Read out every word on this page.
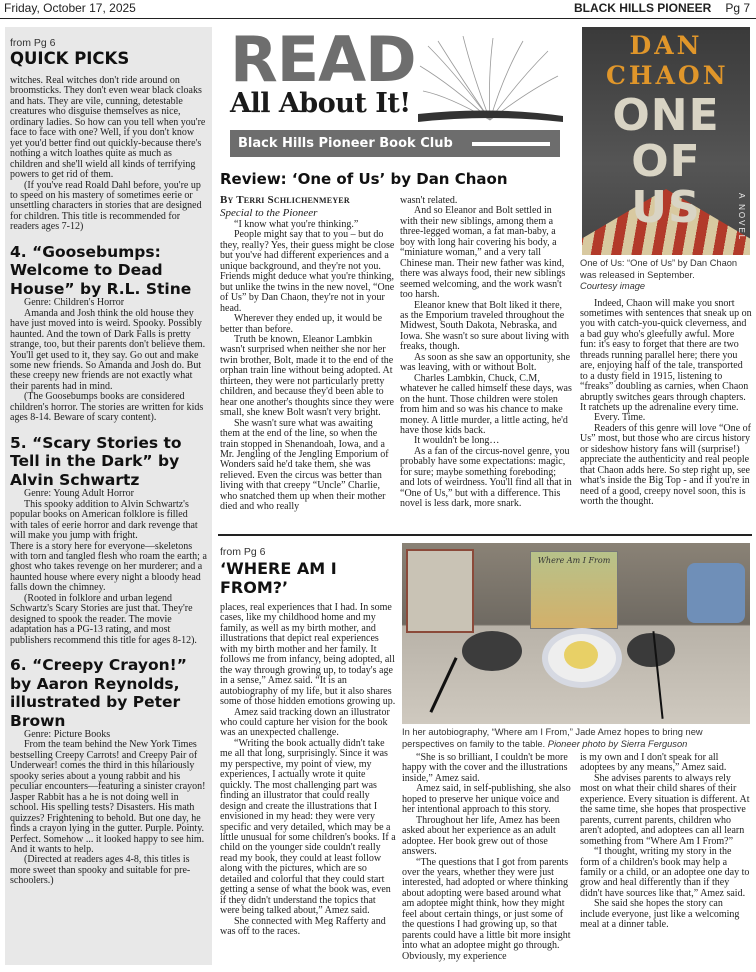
Friday, October 17, 2025	BLACK HILLS PIONEER Pg 7
from Pg 6
QUICK PICKS

witches. Real witches don't ride around on broomsticks. They don't even wear black cloaks and hats. They are vile, cunning, detestable creatures who disguise themselves as nice, ordinary ladies. So how can you tell when you're face to face with one? Well, if you don't know yet you'd better find out quickly-because there's nothing a witch loathes quite as much as children and she'll wield all kinds of terrifying powers to get rid of them.

(If you've read Roald Dahl before, you're up to speed on his mastery of sometimes eerie or unsettling characters in stories that are designed for children. This title is recommended for readers ages 7-12)

4. “Goosebumps: Welcome to Dead House” by R.L. Stine

Genre: Children's Horror

Amanda and Josh think the old house they have just moved into is weird. Spooky. Possibly haunted. And the town of Dark Falls is pretty strange, too, but their parents don't believe them. You'll get used to it, they say. Go out and make some new friends. So Amanda and Josh do. But these creepy new friends are not exactly what their parents had in mind.

(The Goosebumps books are considered children's horror. The stories are written for kids ages 8-14. Beware of scary content).

5. “Scary Stories to Tell in the Dark” by Alvin Schwartz

Genre: Young Adult Horror

This spooky addition to Alvin Schwartz's popular books on American folklore is filled with tales of eerie horror and dark revenge that will make you jump with fright.

There is a story here for everyone—skeletons with torn and tangled flesh who roam the earth; a ghost who takes revenge on her murderer; and a haunted house where every night a bloody head falls down the chimney.

(Rooted in folklore and urban legend Schwartz's Scary Stories are just that. They're designed to spook the reader. The movie adaptation has a PG-13 rating, and most publishers recommend this title for ages 8-12).

6. “Creepy Crayon!” by Aaron Reynolds, illustrated by Peter Brown

Genre: Picture Books

From the team behind the New York Times bestselling Creepy Carrots! and Creepy Pair of Underwear! comes the third in this hilariously spooky series about a young rabbit and his peculiar encounters—featuring a sinister crayon!

Jasper Rabbit has a he is not doing well in school. His spelling tests? Disasters. His math quizzes? Frightening to behold. But one day, he finds a crayon lying in the gutter. Purple. Pointy. Perfect. Somehow ... it looked happy to see him. And it wants to help.

(Directed at readers ages 4-8, this titles is more sweet than spooky and suitable for pre-schoolers.)

READ
All About It!
Black Hills Pioneer Book Club
DAN CHAON
ONE OF US	A NOVEL
Review: ‘One of Us’ by Dan Chaon
By Terri Schlichenmeyer
Special to the Pioneer

“I know what you're thinking.”

People might say that to you – but do they, really? Yes, their guess might be close but you've had different experiences and a unique background, and they're not you. Friends might deduce what you're thinking, but unlike the twins in the new novel, “One of Us” by Dan Chaon, they're not in your head.

Wherever they ended up, it would be better than before.

Truth be known, Eleanor Lambkin wasn't surprised when neither she nor her twin brother, Bolt, made it to the end of the orphan train line without being adopted. At thirteen, they were not particularly pretty children, and because they'd been able to hear one another's thoughts since they were small, she knew Bolt wasn't very bright.

She wasn't sure what was awaiting them at the end of the line, so when the train stopped in Shenandoah, Iowa, and a Mr. Jengling of the Jengling Emporium of Wonders said he'd take them, she was relieved. Even the circus was better than living with that creepy “Uncle” Charlie, who snatched them up when their mother died and who really

wasn't related.

And so Eleanor and Bolt settled in with their new siblings, among them a three-legged woman, a fat man-baby, a boy with long hair covering his body, a “miniature woman,” and a very tall Chinese man. Their new father was kind, there was always food, their new siblings seemed welcoming, and the work wasn't too harsh.

Eleanor knew that Bolt liked it there, as the Emporium traveled throughout the Midwest, South Dakota, Nebraska, and Iowa. She wasn't so sure about living with freaks, though.

As soon as she saw an opportunity, she was leaving, with or without Bolt.

Charles Lambkin, Chuck, C.M, whatever he called himself these days, was on the hunt. Those children were stolen from him and so was his chance to make money. A little murder, a little acting, he'd have those kids back.

It wouldn't be long…

As a fan of the circus-novel genre, you probably have some expectations: magic, for sure; maybe something foreboding; and lots of weirdness. You'll find all that in “One of Us,” but with a difference. This novel is less dark, more snark.

One of Us: “One of Us” by Dan Chaon was released in September.
Courtesy image

Indeed, Chaon will make you snort sometimes with sentences that sneak up on you with catch-you-quick cleverness, and a bad guy who's gleefully awful. More fun: it's easy to forget that there are two threads running parallel here; there you are, enjoying half of the tale, transported to a dusty field in 1915, listening to “freaks” doubling as carnies, when Chaon abruptly switches gears through chapters. It ratchets up the adrenaline every time.

Every. Time.

Readers of this genre will love “One of Us” most, but those who are circus history or sideshow history fans will (surprise!) appreciate the authenticity and real people that Chaon adds here. So step right up, see what's inside the Big Top - and if you're in need of a good, creepy novel soon, this is worth the thought.

from Pg 6
‘WHERE AM I FROM?’

places, real experiences that I had. In some cases, like my childhood home and my family, as well as my birth mother, and illustrations that depict real experiences with my birth mother and her family. It follows me from infancy, being adopted, all the way through growing up, to today's age in a sense,” Amez said. “It is an autobiography of my life, but it also shares some of those hidden emotions growing up.

Amez said tracking down an illustrator who could capture her vision for the book was an unexpected challenge.

“Writing the book actually didn't take me all that long, surprisingly. Since it was my perspective, my point of view, my experiences, I actually wrote it quite quickly. The most challenging part was finding an illustrator that could really design and create the illustrations that I envisioned in my head: they were very specific and very detailed, which may be a little unusual for some children's books. If a child on the younger side couldn't really read my book, they could at least follow along with the pictures, which are so detailed and colorful that they could start getting a sense of what the book was, even if they didn't understand the topics that were being talked about,” Amez said.

She connected with Meg Rafferty and was off to the races.

Where Am I From
In her autobiography, “Where am I From,” Jade Amez hopes to bring new perspectives on family to the table. Pioneer photo by Sierra Ferguson

“She is so brilliant, I couldn't be more happy with the cover and the illustrations inside,” Amez said.

Amez said, in self-publishing, she also hoped to preserve her unique voice and her intentional approach to this story.

Throughout her life, Amez has been asked about her experience as an adult adoptee. Her book grew out of those answers.

“The questions that I got from parents over the years, whether they were just interested, had adopted or where thinking about adopting were based around what am adoptee might think, how they might feel about certain things, or just some of the questions I had growing up, so that parents could have a little bit more insight into what an adoptee might go through. Obviously, my experience

is my own and I don't speak for all adoptees by any means,” Amez said.

She advises parents to always rely most on what their child shares of their experience. Every situation is different. At the same time, she hopes that prospective parents, current parents, children who aren't adopted, and adoptees can all learn something from “Where Am I From?”

“I thought, writing my story in the form of a children's book may help a family or a child, or an adoptee one day to grow and heal differently than if they didn't have sources like that,” Amez said.

She said she hopes the story can include everyone, just like a welcoming meal at a dinner table.
